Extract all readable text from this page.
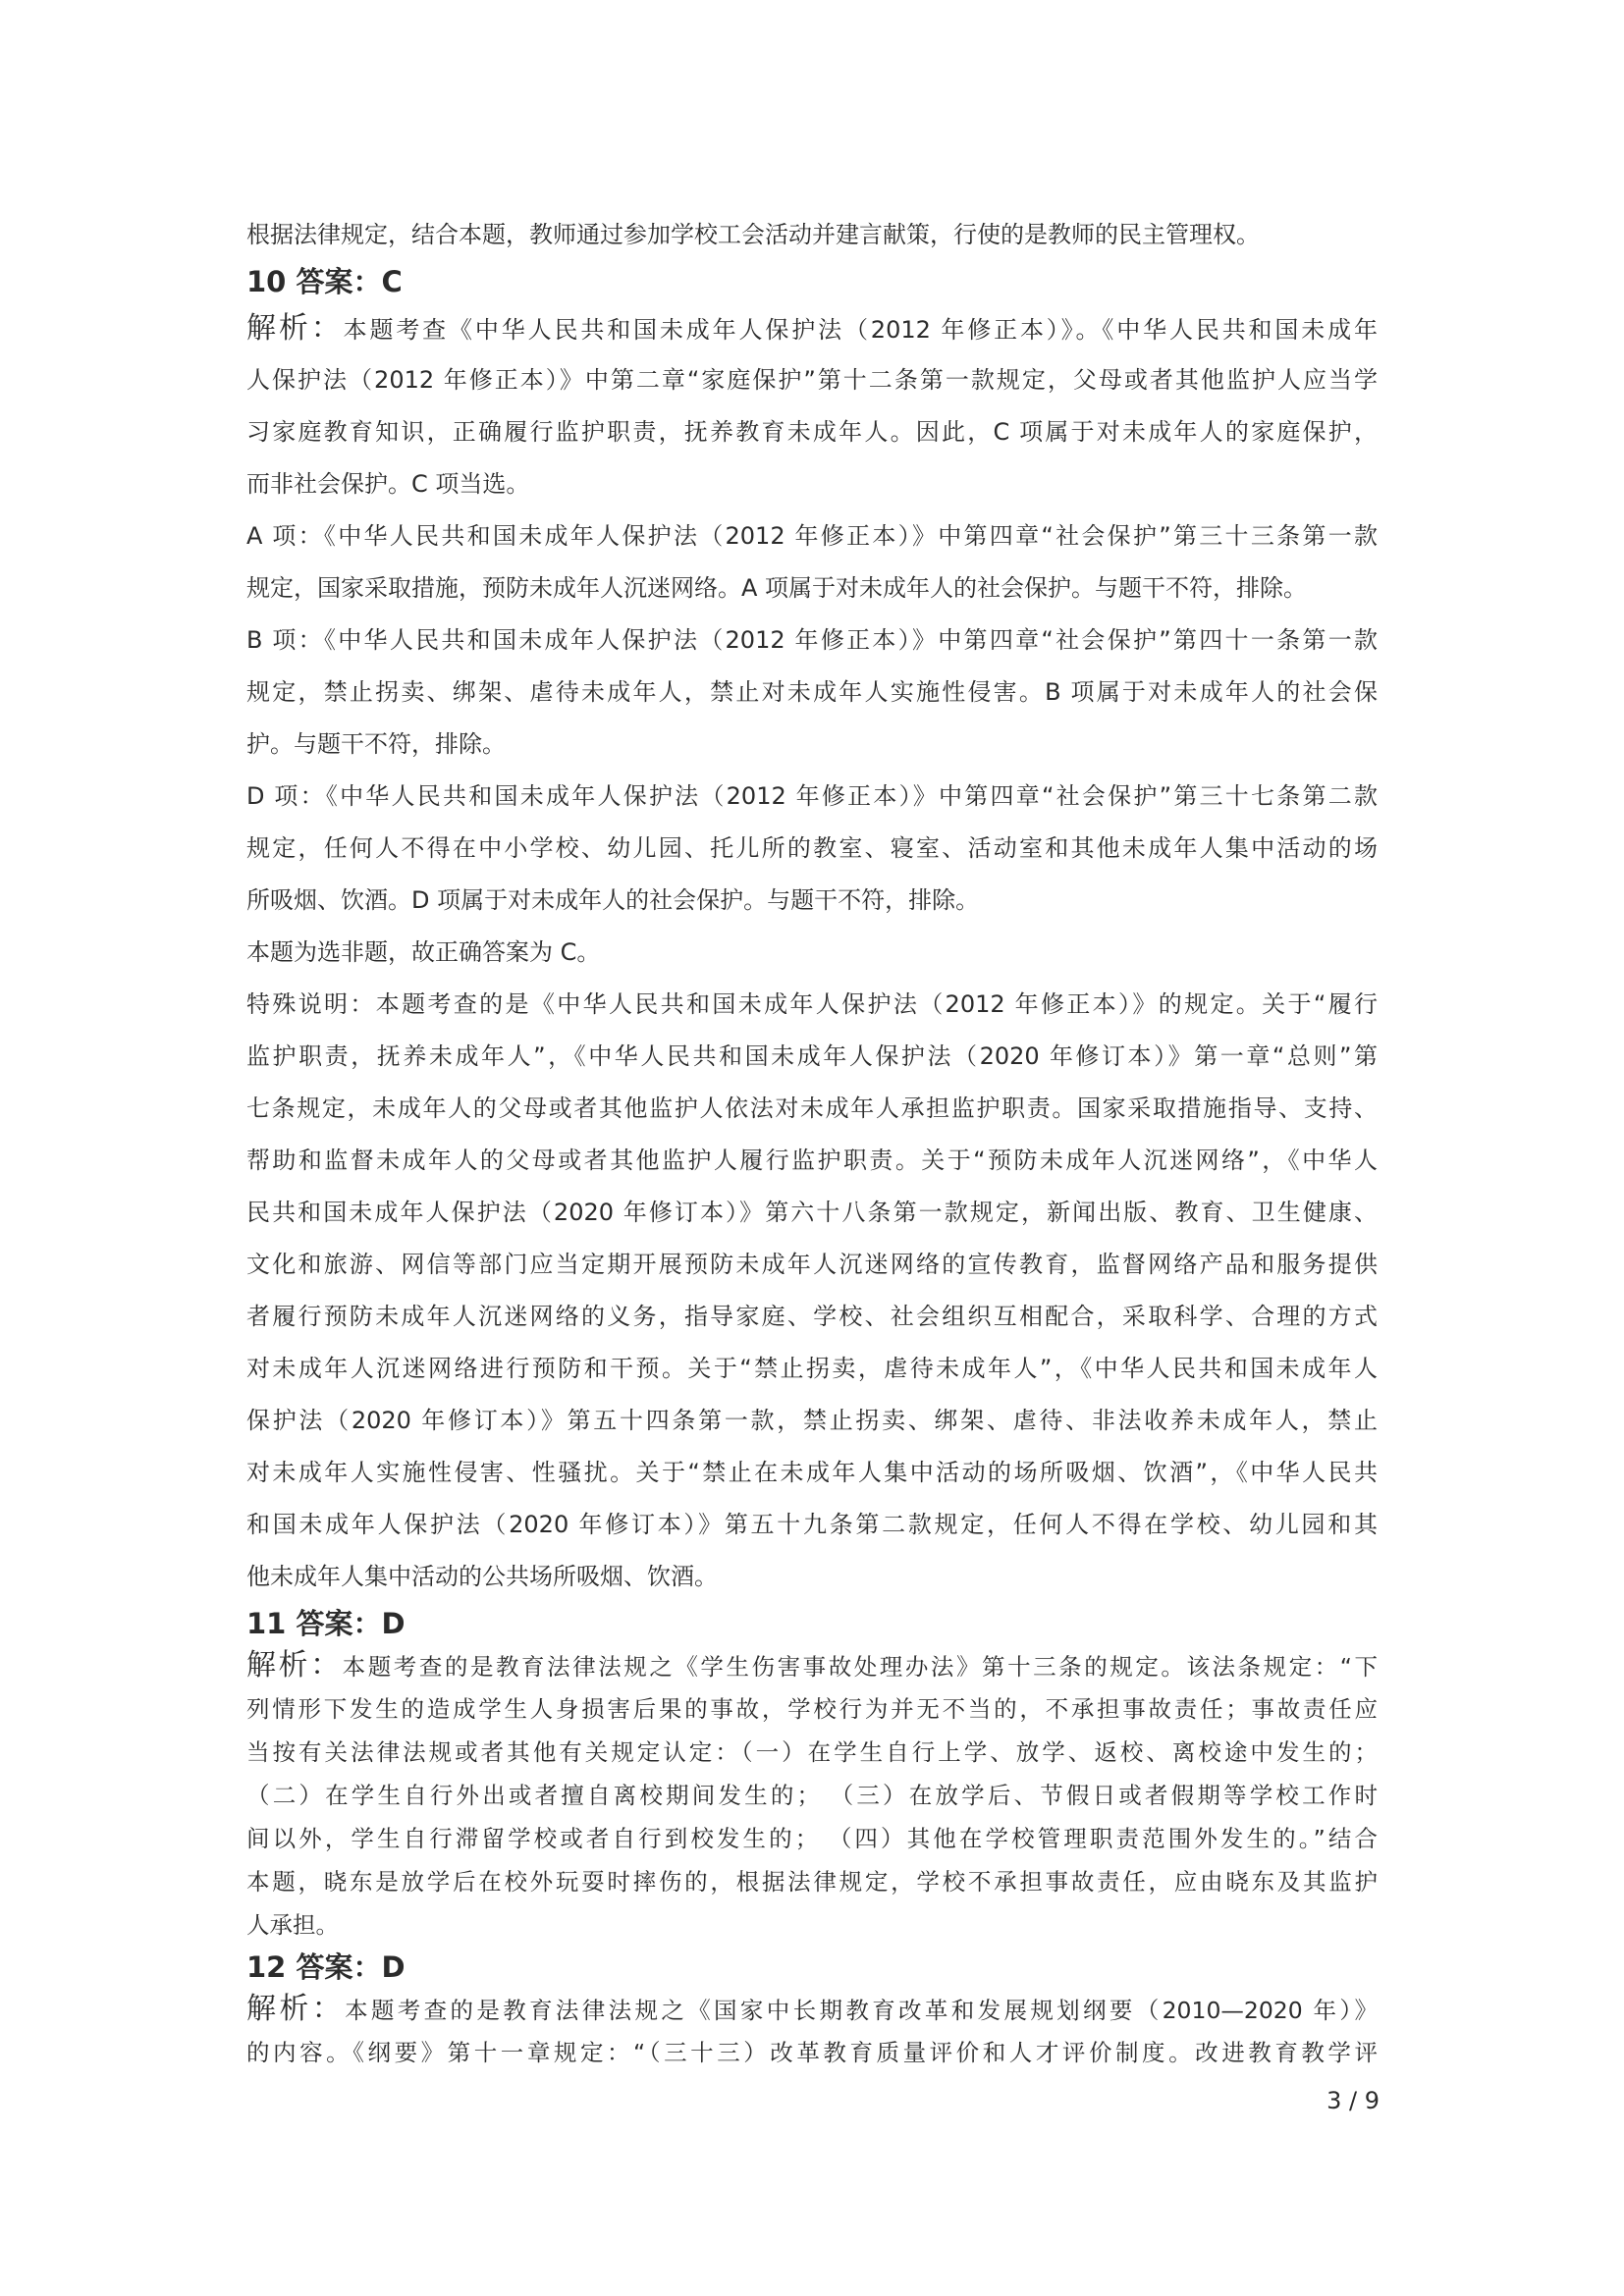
根据法律规定，结合本题，教师通过参加学校工会活动并建言献策，行使的是教师的民主管理权。
10 答案：C
解析：本题考查《中华人民共和国未成年人保护法（2012 年修正本）》。《中华人民共和国未成年
人保护法（2012 年修正本）》中第二章“家庭保护”第十二条第一款规定，父母或者其他监护人应当学
习家庭教育知识，正确履行监护职责，抚养教育未成年人。因此，C 项属于对未成年人的家庭保护，
而非社会保护。C 项当选。
A 项：《中华人民共和国未成年人保护法（2012 年修正本）》中第四章“社会保护”第三十三条第一款
规定，国家采取措施，预防未成年人沉迷网络。A 项属于对未成年人的社会保护。与题干不符，排除。
B 项：《中华人民共和国未成年人保护法（2012 年修正本）》中第四章“社会保护”第四十一条第一款
规定，禁止拐卖、绑架、虐待未成年人，禁止对未成年人实施性侵害。B 项属于对未成年人的社会保
护。与题干不符，排除。
D 项：《中华人民共和国未成年人保护法（2012 年修正本）》中第四章“社会保护”第三十七条第二款
规定，任何人不得在中小学校、幼儿园、托儿所的教室、寝室、活动室和其他未成年人集中活动的场
所吸烟、饮酒。D 项属于对未成年人的社会保护。与题干不符，排除。
本题为选非题，故正确答案为 C。
特殊说明：本题考查的是《中华人民共和国未成年人保护法（2012 年修正本）》的规定。关于“履行
监护职责，抚养未成年人”，《中华人民共和国未成年人保护法（2020 年修订本）》第一章“总则”第
七条规定，未成年人的父母或者其他监护人依法对未成年人承担监护职责。国家采取措施指导、支持、
帮助和监督未成年人的父母或者其他监护人履行监护职责。关于“预防未成年人沉迷网络”，《中华人
民共和国未成年人保护法（2020 年修订本）》第六十八条第一款规定，新闻出版、教育、卫生健康、
文化和旅游、网信等部门应当定期开展预防未成年人沉迷网络的宣传教育，监督网络产品和服务提供
者履行预防未成年人沉迷网络的义务，指导家庭、学校、社会组织互相配合，采取科学、合理的方式
对未成年人沉迷网络进行预防和干预。关于“禁止拐卖，虐待未成年人”，《中华人民共和国未成年人
保护法（2020 年修订本）》第五十四条第一款，禁止拐卖、绑架、虐待、非法收养未成年人，禁止
对未成年人实施性侵害、性骚扰。关于“禁止在未成年人集中活动的场所吸烟、饮酒”，《中华人民共
和国未成年人保护法（2020 年修订本）》第五十九条第二款规定，任何人不得在学校、幼儿园和其
他未成年人集中活动的公共场所吸烟、饮酒。
11 答案：D
解析：本题考查的是教育法律法规之《学生伤害事故处理办法》第十三条的规定。该法条规定：“下
列情形下发生的造成学生人身损害后果的事故，学校行为并无不当的，不承担事故责任；事故责任应
当按有关法律法规或者其他有关规定认定：（一）在学生自行上学、放学、返校、离校途中发生的；
（二）在学生自行外出或者擅自离校期间发生的； （三）在放学后、节假日或者假期等学校工作时
间以外，学生自行滞留学校或者自行到校发生的； （四）其他在学校管理职责范围外发生的。”结合
本题，晓东是放学后在校外玩耍时摔伤的，根据法律规定，学校不承担事故责任，应由晓东及其监护
人承担。
12 答案：D
解析：本题考查的是教育法律法规之《国家中长期教育改革和发展规划纲要（2010—2020 年）》
的内容。《纲要》第十一章规定：“（三十三）改革教育质量评价和人才评价制度。改进教育教学评
3 / 9
